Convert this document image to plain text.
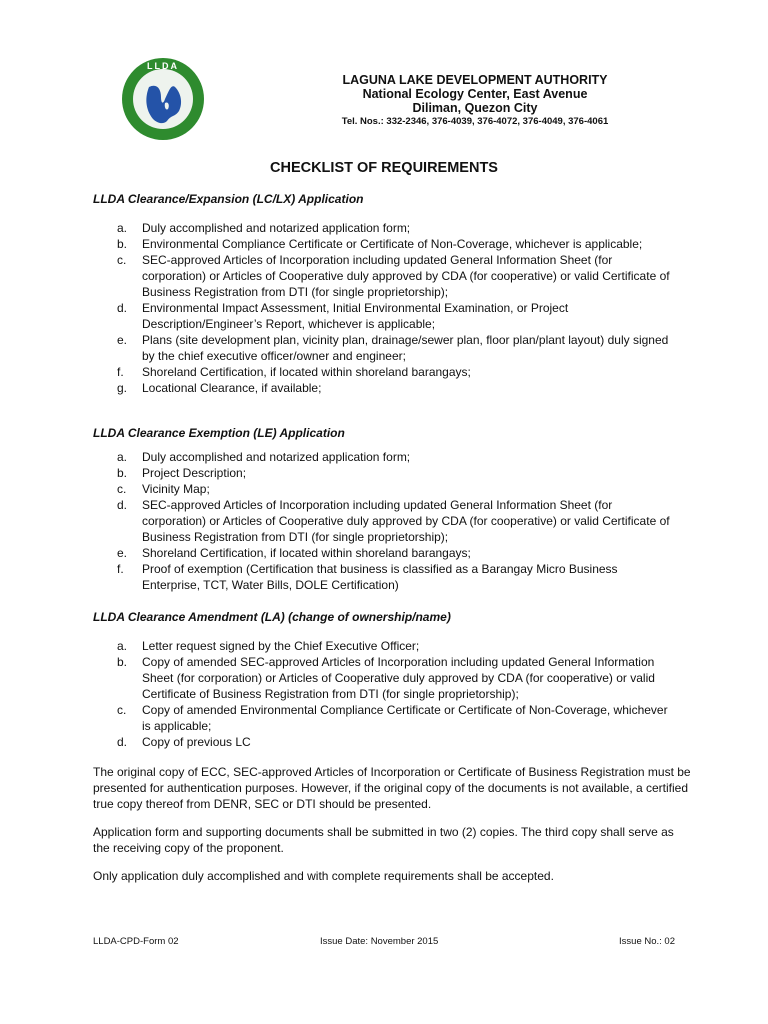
LLDA
LAGUNA LAKE DEVELOPMENT AUTHORITY
National Ecology Center, East Avenue
Diliman, Quezon City
Tel. Nos.: 332-2346, 376-4039, 376-4072, 376-4049, 376-4061
CHECKLIST OF REQUIREMENTS
LLDA Clearance/Expansion (LC/LX) Application
a. Duly accomplished and notarized application form;
b. Environmental Compliance Certificate or Certificate of Non-Coverage, whichever is applicable;
c. SEC-approved Articles of Incorporation including updated General Information Sheet (for corporation) or Articles of Cooperative duly approved by CDA (for cooperative) or valid Certificate of Business Registration from DTI (for single proprietorship);
d. Environmental Impact Assessment, Initial Environmental Examination, or Project Description/Engineer’s Report, whichever is applicable;
e. Plans (site development plan, vicinity plan, drainage/sewer plan, floor plan/plant layout) duly signed by the chief executive officer/owner and engineer;
f. Shoreland Certification, if located within shoreland barangays;
g. Locational Clearance, if available;
LLDA Clearance Exemption (LE) Application
a. Duly accomplished and notarized application form;
b. Project Description;
c. Vicinity Map;
d. SEC-approved Articles of Incorporation including updated General Information Sheet (for corporation) or Articles of Cooperative duly approved by CDA (for cooperative) or valid Certificate of Business Registration from DTI (for single proprietorship);
e. Shoreland Certification, if located within shoreland barangays;
f. Proof of exemption (Certification that business is classified as a Barangay Micro Business Enterprise, TCT, Water Bills, DOLE Certification)
LLDA Clearance Amendment (LA) (change of ownership/name)
a. Letter request signed by the Chief Executive Officer;
b. Copy of amended SEC-approved Articles of Incorporation including updated General Information Sheet (for corporation) or Articles of Cooperative duly approved by CDA (for cooperative) or valid Certificate of Business Registration from DTI (for single proprietorship);
c. Copy of amended Environmental Compliance Certificate or Certificate of Non-Coverage, whichever is applicable;
d. Copy of previous LC

The original copy of ECC, SEC-approved Articles of Incorporation or Certificate of Business Registration must be presented for authentication purposes. However, if the original copy of the documents is not available, a certified true copy thereof from DENR, SEC or DTI should be presented.

Application form and supporting documents shall be submitted in two (2) copies. The third copy shall serve as the receiving copy of the proponent.

Only application duly accomplished and with complete requirements shall be accepted.

LLDA-CPD-Form 02	Issue Date: November 2015	Issue No.: 02
